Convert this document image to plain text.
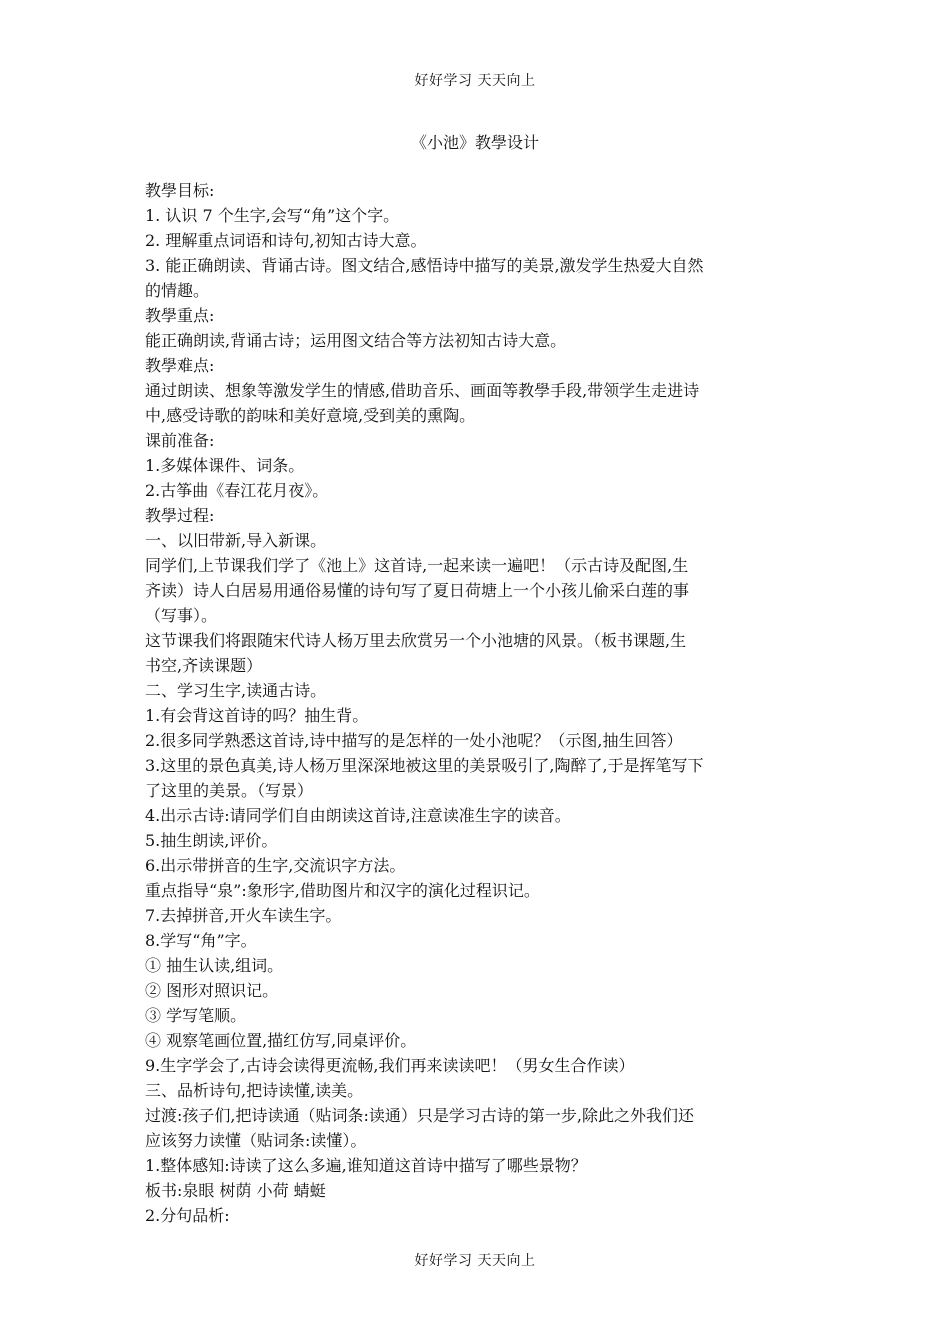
好好学习 天天向上
《小池》教學设计
教學目标:
1. 认识 7 个生字,会写“角”这个字。
2. 理解重点词语和诗句,初知古诗大意。
3. 能正确朗读、背诵古诗。图文结合,感悟诗中描写的美景,激发学生热爱大自然
的情趣。
教學重点:
能正确朗读,背诵古诗；运用图文结合等方法初知古诗大意。
教學难点:
通过朗读、想象等激发学生的情感,借助音乐、画面等教學手段,带领学生走进诗
中,感受诗歌的韵味和美好意境,受到美的熏陶。
课前准备:
1.多媒体课件、词条。
2.古筝曲《春江花月夜》。
教學过程:
一、以旧带新,导入新课。
同学们,上节课我们学了《池上》这首诗,一起来读一遍吧！（示古诗及配图,生
齐读）诗人白居易用通俗易懂的诗句写了夏日荷塘上一个小孩儿偷采白莲的事
（写事）。
这节课我们将跟随宋代诗人杨万里去欣赏另一个小池塘的风景。（板书课题,生
书空,齐读课题）
二、学习生字,读通古诗。
1.有会背这首诗的吗？抽生背。
2.很多同学熟悉这首诗,诗中描写的是怎样的一处小池呢？（示图,抽生回答）
3.这里的景色真美,诗人杨万里深深地被这里的美景吸引了,陶醉了,于是挥笔写下
了这里的美景。（写景）
4.出示古诗:请同学们自由朗读这首诗,注意读准生字的读音。
5.抽生朗读,评价。
6.出示带拼音的生字,交流识字方法。
重点指导“泉”:象形字,借助图片和汉字的演化过程识记。
7.去掉拼音,开火车读生字。
8.学写“角”字。
① 抽生认读,组词。
② 图形对照识记。
③ 学写笔顺。
④ 观察笔画位置,描红仿写,同桌评价。
9.生字学会了,古诗会读得更流畅,我们再来读读吧！（男女生合作读）
三、品析诗句,把诗读懂,读美。
过渡:孩子们,把诗读通（贴词条:读通）只是学习古诗的第一步,除此之外我们还
应该努力读懂（贴词条:读懂）。
1.整体感知:诗读了这么多遍,谁知道这首诗中描写了哪些景物？
板书:泉眼 树荫 小荷 蜻蜓
2.分句品析:
好好学习 天天向上
